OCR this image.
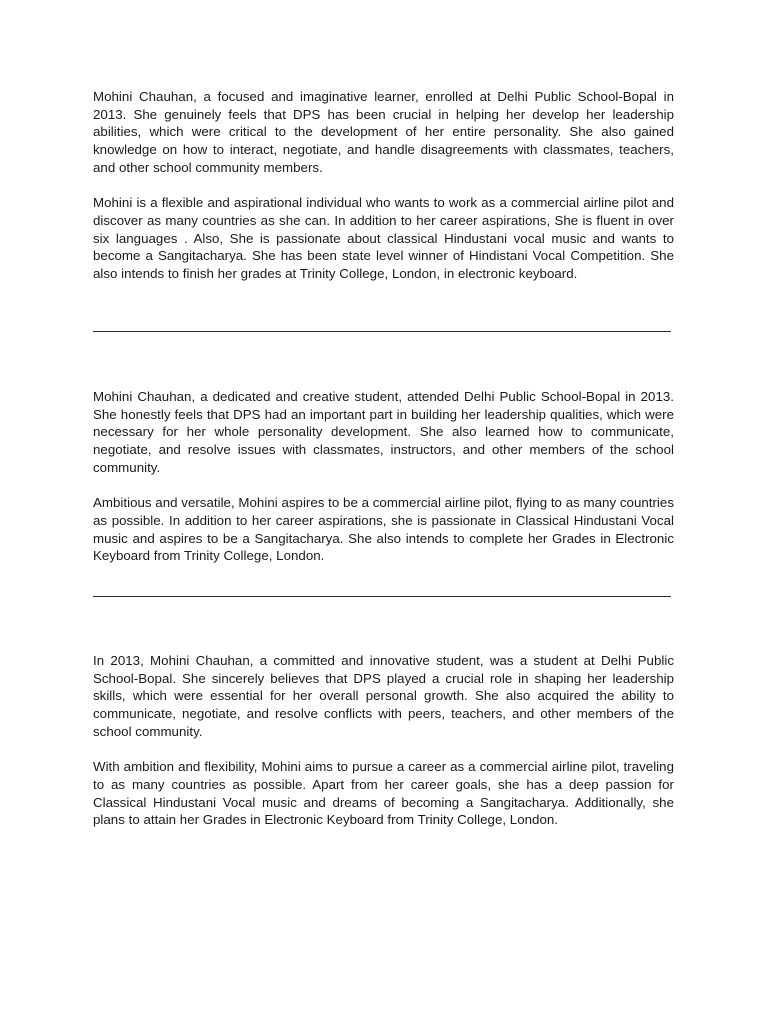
Mohini Chauhan, a focused and imaginative learner, enrolled at Delhi Public School-Bopal in 2013. She genuinely feels that DPS has been crucial in helping her develop her leadership abilities, which were critical to the development of her entire personality. She also gained knowledge on how to interact, negotiate, and handle disagreements with classmates, teachers, and other school community members.

Mohini is a flexible and aspirational individual who wants to work as a commercial airline pilot and discover as many countries as she can. In addition to her career aspirations, She is fluent in over six languages . Also, She is passionate about classical Hindustani vocal music and wants to become a Sangitacharya. She has been state level winner of Hindistani Vocal Competition. She also intends to finish her grades at Trinity College, London, in electronic keyboard.

Mohini Chauhan, a dedicated and creative student, attended Delhi Public School-Bopal in 2013. She honestly feels that DPS had an important part in building her leadership qualities, which were necessary for her whole personality development. She also learned how to communicate, negotiate, and resolve issues with classmates, instructors, and other members of the school community.

Ambitious and versatile, Mohini aspires to be a commercial airline pilot, flying to as many countries as possible. In addition to her career aspirations, she is passionate in Classical Hindustani Vocal music and aspires to be a Sangitacharya. She also intends to complete her Grades in Electronic Keyboard from Trinity College, London.

In 2013, Mohini Chauhan, a committed and innovative student, was a student at Delhi Public School-Bopal. She sincerely believes that DPS played a crucial role in shaping her leadership skills, which were essential for her overall personal growth. She also acquired the ability to communicate, negotiate, and resolve conflicts with peers, teachers, and other members of the school community.

With ambition and flexibility, Mohini aims to pursue a career as a commercial airline pilot, traveling to as many countries as possible. Apart from her career goals, she has a deep passion for Classical Hindustani Vocal music and dreams of becoming a Sangitacharya. Additionally, she plans to attain her Grades in Electronic Keyboard from Trinity College, London.
